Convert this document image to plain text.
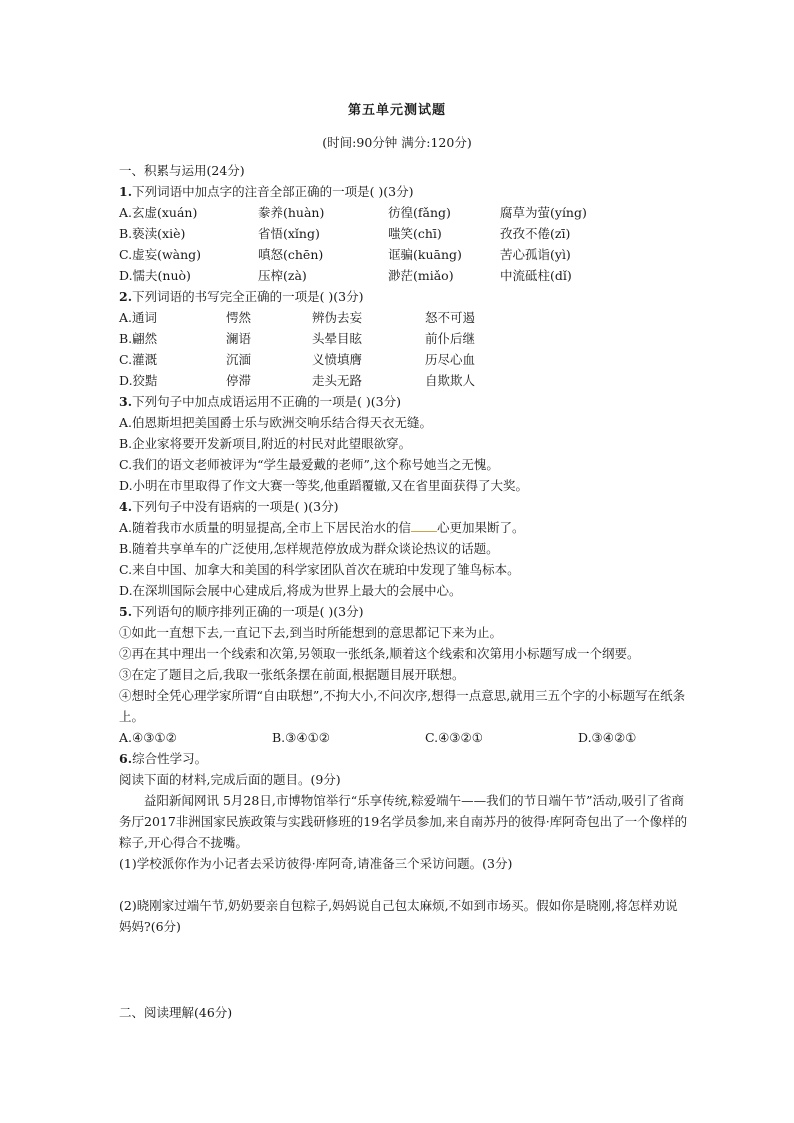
第五单元测试题
(时间:90分钟 满分:120分)
一、积累与运用(24分)
1.下列词语中加点字的注音全部正确的一项是( )(3分)
A.玄虚(xuán)	豢养(huàn)	彷徨(fǎng)	腐草为萤(yíng)
B.亵渎(xiè)	省悟(xǐng)	嗤笑(chī)	孜孜不倦(zī)
C.虚妄(wàng)	嗔怒(chēn)	诓骗(kuāng)	苦心孤诣(yì)
D.懦夫(nuò)	压榨(zà)	渺茫(miǎo)	中流砥柱(dǐ)
2.下列词语的书写完全正确的一项是( )(3分)
A.通词	愕然	辨伪去妄	怒不可遏
B.翩然	澜语	头晕目眩	前仆后继
C.灌溉	沉湎	义愤填膺	历尽心血
D.狡黠	停滞	走头无路	自欺欺人
3.下列句子中加点成语运用不正确的一项是( )(3分)
A.伯恩斯坦把美国爵士乐与欧洲交响乐结合得天衣无缝。
B.企业家将要开发新项目,附近的村民对此望眼欲穿。
C.我们的语文老师被评为“学生最爱戴的老师”,这个称号她当之无愧。
D.小明在市里取得了作文大赛一等奖,他重蹈覆辙,又在省里面获得了大奖。
4.下列句子中没有语病的一项是( )(3分)
A.随着我市水质量的明显提高,全市上下居民治水的信 心更加果断了。
B.随着共享单车的广泛使用,怎样规范停放成为群众谈论热议的话题。
C.来自中国、加拿大和美国的科学家团队首次在琥珀中发现了雏鸟标本。
D.在深圳国际会展中心建成后,将成为世界上最大的会展中心。
5.下列语句的顺序排列正确的一项是( )(3分)
①如此一直想下去,一直记下去,到当时所能想到的意思都记下来为止。
②再在其中理出一个线索和次第,另领取一张纸条,顺着这个线索和次第用小标题写成一个纲要。
③在定了题目之后,我取一张纸条摆在前面,根据题目展开联想。
④想时全凭心理学家所谓“自由联想”,不拘大小,不问次序,想得一点意思,就用三五个字的小标题写在纸条上。
A.④③①②	B.③④①②	C.④③②①	D.③④②①
6.综合性学习。
阅读下面的材料,完成后面的题目。(9分)
益阳新闻网讯 5月28日,市博物馆举行“乐享传统,粽爱端午——我们的节日端午节”活动,吸引了省商务厅2017非洲国家民族政策与实践研修班的19名学员参加,来自南苏丹的彼得·库阿奇包出了一个像样的粽子,开心得合不拢嘴。
(1)学校派你作为小记者去采访彼得·库阿奇,请准备三个采访问题。(3分)
(2)晓刚家过端午节,奶奶要亲自包粽子,妈妈说自己包太麻烦,不如到市场买。假如你是晓刚,将怎样劝说妈妈?(6分)
二、阅读理解(46分)
